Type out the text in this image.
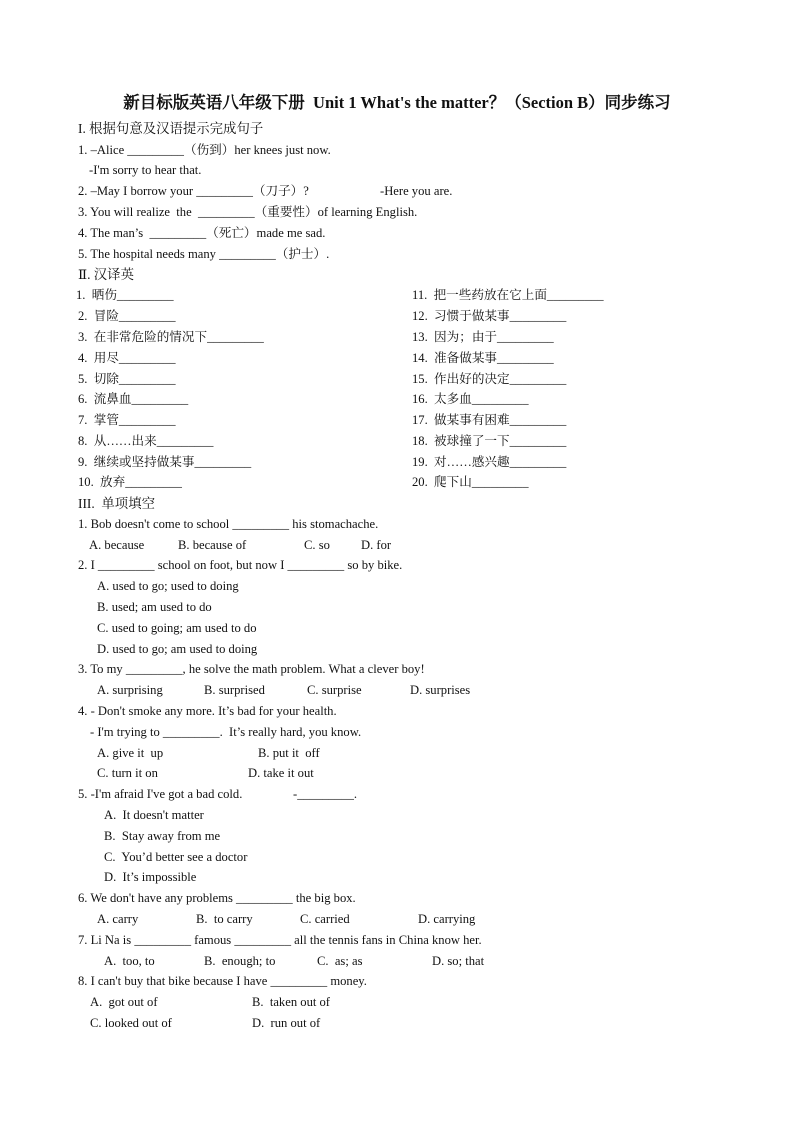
新目标版英语八年级下册  Unit 1 What's the matter？（Section B）同步练习
I. 根据句意及汉语提示完成句子
1. –Alice _________（伤到）her knees just now.
-I'm sorry to hear that.
2. –May I borrow your _________（刀子）?	-Here you are.
3. You will realize  the  _________（重要性）of learning English.
4. The man’s  _________（死亡）made me sad.
5. The hospital needs many _________（护士）.
Ⅱ. 汉译英
1.  晒伤_________
2.  冒险_________
3.  在非常危险的情况下_________
4.  用尽_________
5.  切除_________
6.  流鼻血_________
7.  掌管_________
8.  从……出来_________
9.  继续或坚持做某事_________
10.  放弃_________
11.  把一些药放在它上面_________
12.  习惯于做某事_________
13.  因为；由于_________
14.  准备做某事_________
15.  作出好的决定_________
16.  太多血_________
17.  做某事有困难_________
18.  被球撞了一下_________
19.  对……感兴趣_________
20.  爬下山_________
III.  单项填空
1. Bob doesn't come to school _________ his stomachache.
A. because	B. because of	C. so D. for
2. I _________ school on foot, but now I _________ so by bike.
A. used to go; used to doing
B. used; am used to do
C. used to going; am used to do
D. used to go; am used to doing
3. To my _________, he solve the math problem. What a clever boy!
A. surprising	B. surprised	C. surprise	D. surprises
4. - Don't smoke any more. It’s bad for your health.
- I'm trying to _________.  It’s really hard, you know.
A. give it  up	B. put it  off
C. turn it on	D. take it out
5. -I'm afraid I've got a bad cold.	-_________.
A.  It doesn't matter
B.  Stay away from me
C.  You’d better see a doctor
D.  It’s impossible
6. We don't have any problems _________ the big box.
A. carry	B.  to carry	C. carried	D. carrying
7. Li Na is _________ famous _________ all the tennis fans in China know her.
A.  too, to	B.  enough; to	C.  as; as	D. so; that
8. I can't buy that bike because I have _________ money.
A.  got out of	B.  taken out of
C. looked out of	D.  run out of
